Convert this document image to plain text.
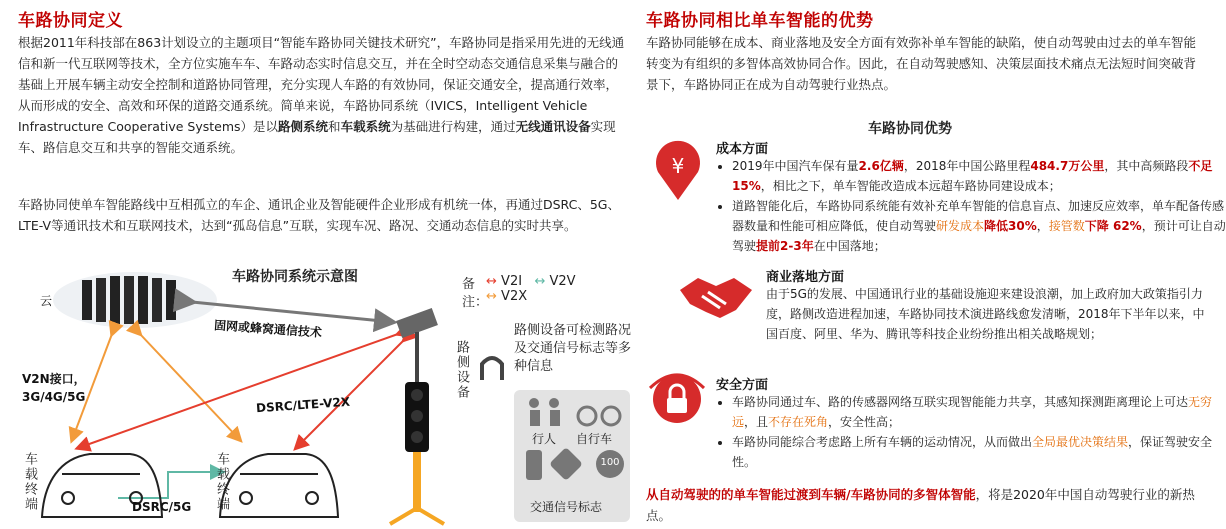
车路协同定义
根据2011年科技部在863计划设立的主题项目“智能车路协同关键技术研究”，车路协同是指采用先进的无线通信和新一代互联网等技术，全方位实施车车、车路动态实时信息交互，并在全时空动态交通信息采集与融合的基础上开展车辆主动安全控制和道路协同管理，充分实现人车路的有效协同，保证交通安全，提高通行效率，从而形成的安全、高效和环保的道路交通系统。简单来说，车路协同系统（IVICS，Intelligent Vehicle Infrastructure Cooperative Systems）是以路侧系统和车载系统为基础进行构建，通过无线通讯设备实现车、路信息交互和共享的智能交通系统。
车路协同使单车智能路线中互相孤立的车企、通讯企业及智能硬件企业形成有机统一体，再通过DSRC、5G、LTE-V等通讯技术和互联网技术，达到“孤岛信息”互联，实现车况、路况、交通动态信息的实时共享。
车路协同系统示意图
云
固网或蜂窝通信技术
V2N接口，
3G/4G/5G	DSRC/LTE-V2X
DSRC/5G
车载终端	车载终端
路侧设备
备注：
↔ V2I ↔ V2V
↔ V2X
路侧设备可检测路况及交通信号标志等多种信息
行人 自行车
100
交通信号标志
车路协同相比单车智能的优势
车路协同能够在成本、商业落地及安全方面有效弥补单车智能的缺陷，使自动驾驶由过去的单车智能转变为有组织的多智体高效协同合作。因此，在自动驾驶感知、决策层面技术痛点无法短时间突破背景下，车路协同正在成为自动驾驶行业热点。
车路协同优势
¥
成本方面
• 2019年中国汽车保有量2.6亿辆，2018年中国公路里程484.7万公里，其中高频路段不足15%，相比之下，单车智能改造成本远超车路协同建设成本；
• 道路智能化后，车路协同系统能有效补充单车智能的信息盲点、加速反应效率，单车配备传感器数量和性能可相应降低，使自动驾驶研发成本降低30%，接管数下降 62%，预计可让自动驾驶提前2-3年在中国落地；
商业落地方面
由于5G的发展、中国通讯行业的基础设施迎来建设浪潮，加上政府加大政策指引力度，路侧改造进程加速，车路协同技术演进路线愈发清晰，2018年下半年以来，中国百度、阿里、华为、腾讯等科技企业纷纷推出相关战略规划；
安全方面
• 车路协同通过车、路的传感器网络互联实现智能能力共享，其感知探测距离理论上可达无穷远，且不存在死角，安全性高；
• 车路协同能综合考虑路上所有车辆的运动情况，从而做出全局最优决策结果，保证驾驶安全性。
从自动驾驶的的单车智能过渡到车辆/车路协同的多智体智能，将是2020年中国自动驾驶行业的新热点。
